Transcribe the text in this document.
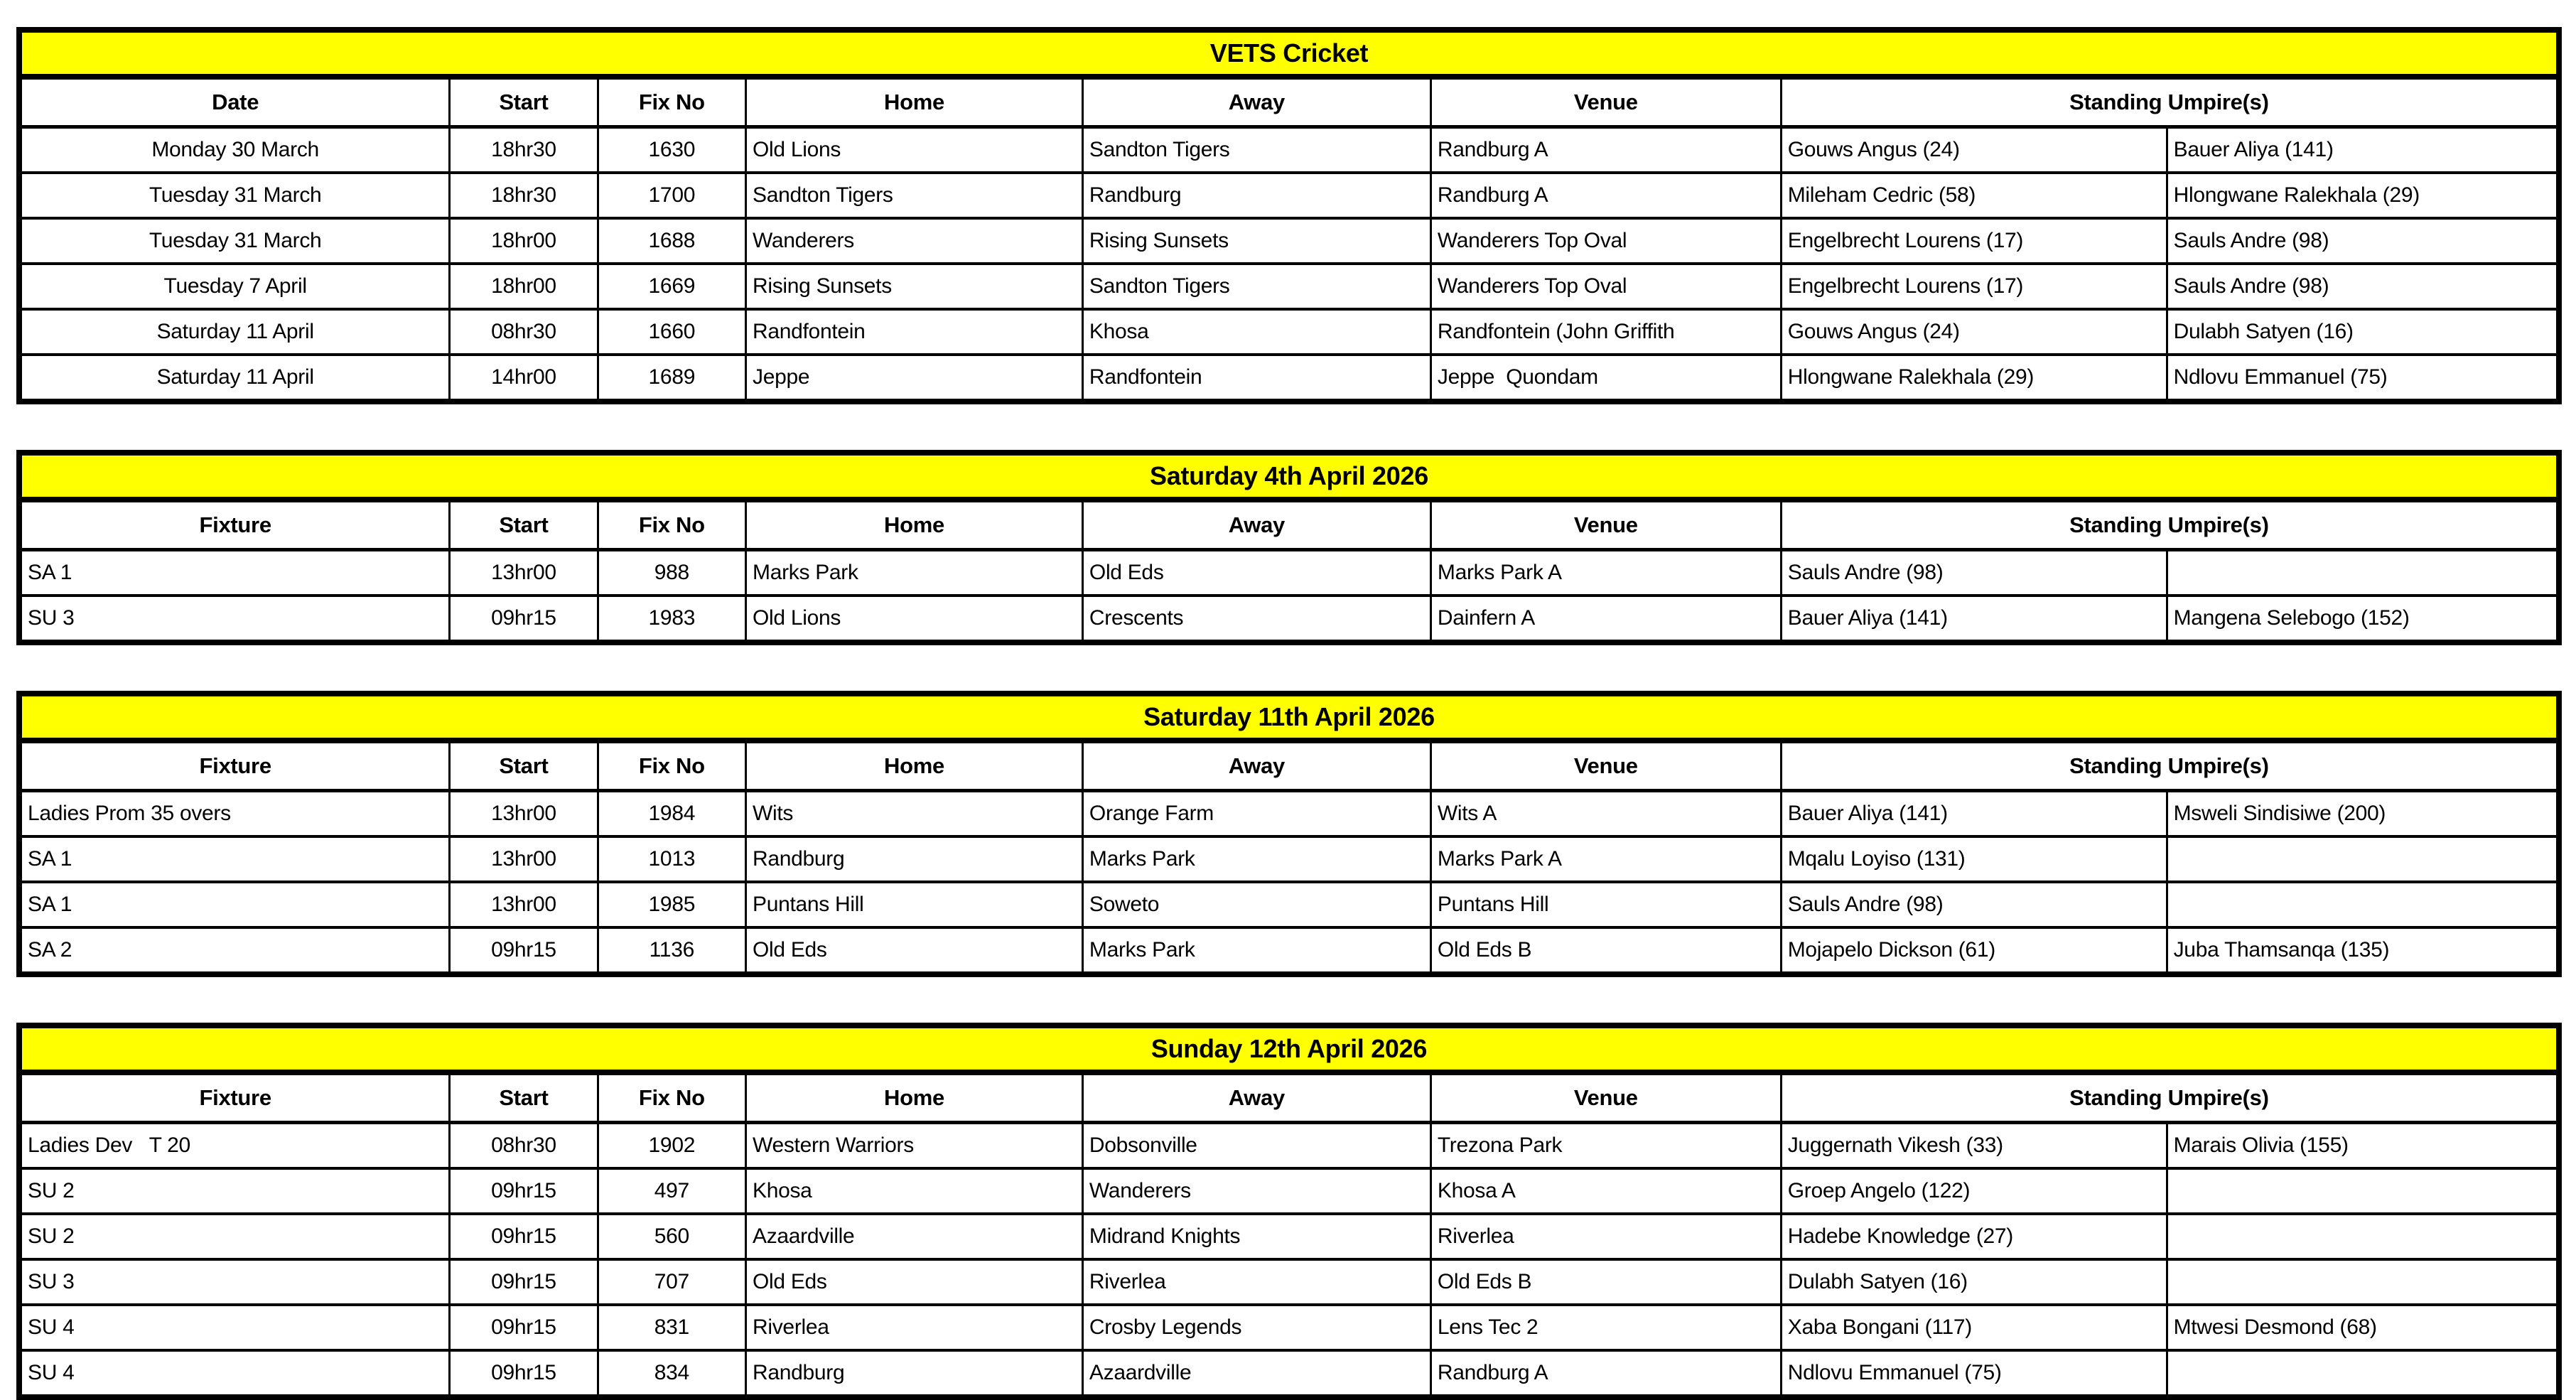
VETS Cricket							
Date	Start	Fix No	Home	Away	Venue	Standing Umpire(s)	
Monday 30 March	18hr30	1630	Old Lions	Sandton Tigers	Randburg A	Gouws Angus (24)	Bauer Aliya (141)
Tuesday 31 March	18hr30	1700	Sandton Tigers	Randburg	Randburg A	Mileham Cedric (58)	Hlongwane Ralekhala (29)
Tuesday 31 March	18hr00	1688	Wanderers	Rising Sunsets	Wanderers Top Oval	Engelbrecht Lourens (17)	Sauls Andre (98)
Tuesday 7 April	18hr00	1669	Rising Sunsets	Sandton Tigers	Wanderers Top Oval	Engelbrecht Lourens (17)	Sauls Andre (98)
Saturday 11 April	08hr30	1660	Randfontein	Khosa	Randfontein (John Griffith	Gouws Angus (24)	Dulabh Satyen (16)
Saturday 11 April	14hr00	1689	Jeppe	Randfontein	Jeppe  Quondam	Hlongwane Ralekhala (29)	Ndlovu Emmanuel (75)
Saturday 4th April 2026							
Fixture	Start	Fix No	Home	Away	Venue	Standing Umpire(s)	
SA 1	13hr00	988	Marks Park	Old Eds	Marks Park A	Sauls Andre (98)	
SU 3	09hr15	1983	Old Lions	Crescents	Dainfern A	Bauer Aliya (141)	Mangena Selebogo (152)
Saturday 11th April 2026							
Fixture	Start	Fix No	Home	Away	Venue	Standing Umpire(s)	
Ladies Prom 35 overs	13hr00	1984	Wits	Orange Farm	Wits A	Bauer Aliya (141)	Msweli Sindisiwe (200)
SA 1	13hr00	1013	Randburg	Marks Park	Marks Park A	Mqalu Loyiso (131)	
SA 1	13hr00	1985	Puntans Hill	Soweto	Puntans Hill	Sauls Andre (98)	
SA 2	09hr15	1136	Old Eds	Marks Park	Old Eds B	Mojapelo Dickson (61)	Juba Thamsanqa (135)
Sunday 12th April 2026							
Fixture	Start	Fix No	Home	Away	Venue	Standing Umpire(s)	
Ladies Dev   T 20	08hr30	1902	Western Warriors	Dobsonville	Trezona Park	Juggernath Vikesh (33)	Marais Olivia (155)
SU 2	09hr15	497	Khosa	Wanderers	Khosa A	Groep Angelo (122)	
SU 2	09hr15	560	Azaardville	Midrand Knights	Riverlea	Hadebe Knowledge (27)	
SU 3	09hr15	707	Old Eds	Riverlea	Old Eds B	Dulabh Satyen (16)	
SU 4	09hr15	831	Riverlea	Crosby Legends	Lens Tec 2	Xaba Bongani (117)	Mtwesi Desmond (68)
SU 4	09hr15	834	Randburg	Azaardville	Randburg A	Ndlovu Emmanuel (75)	
